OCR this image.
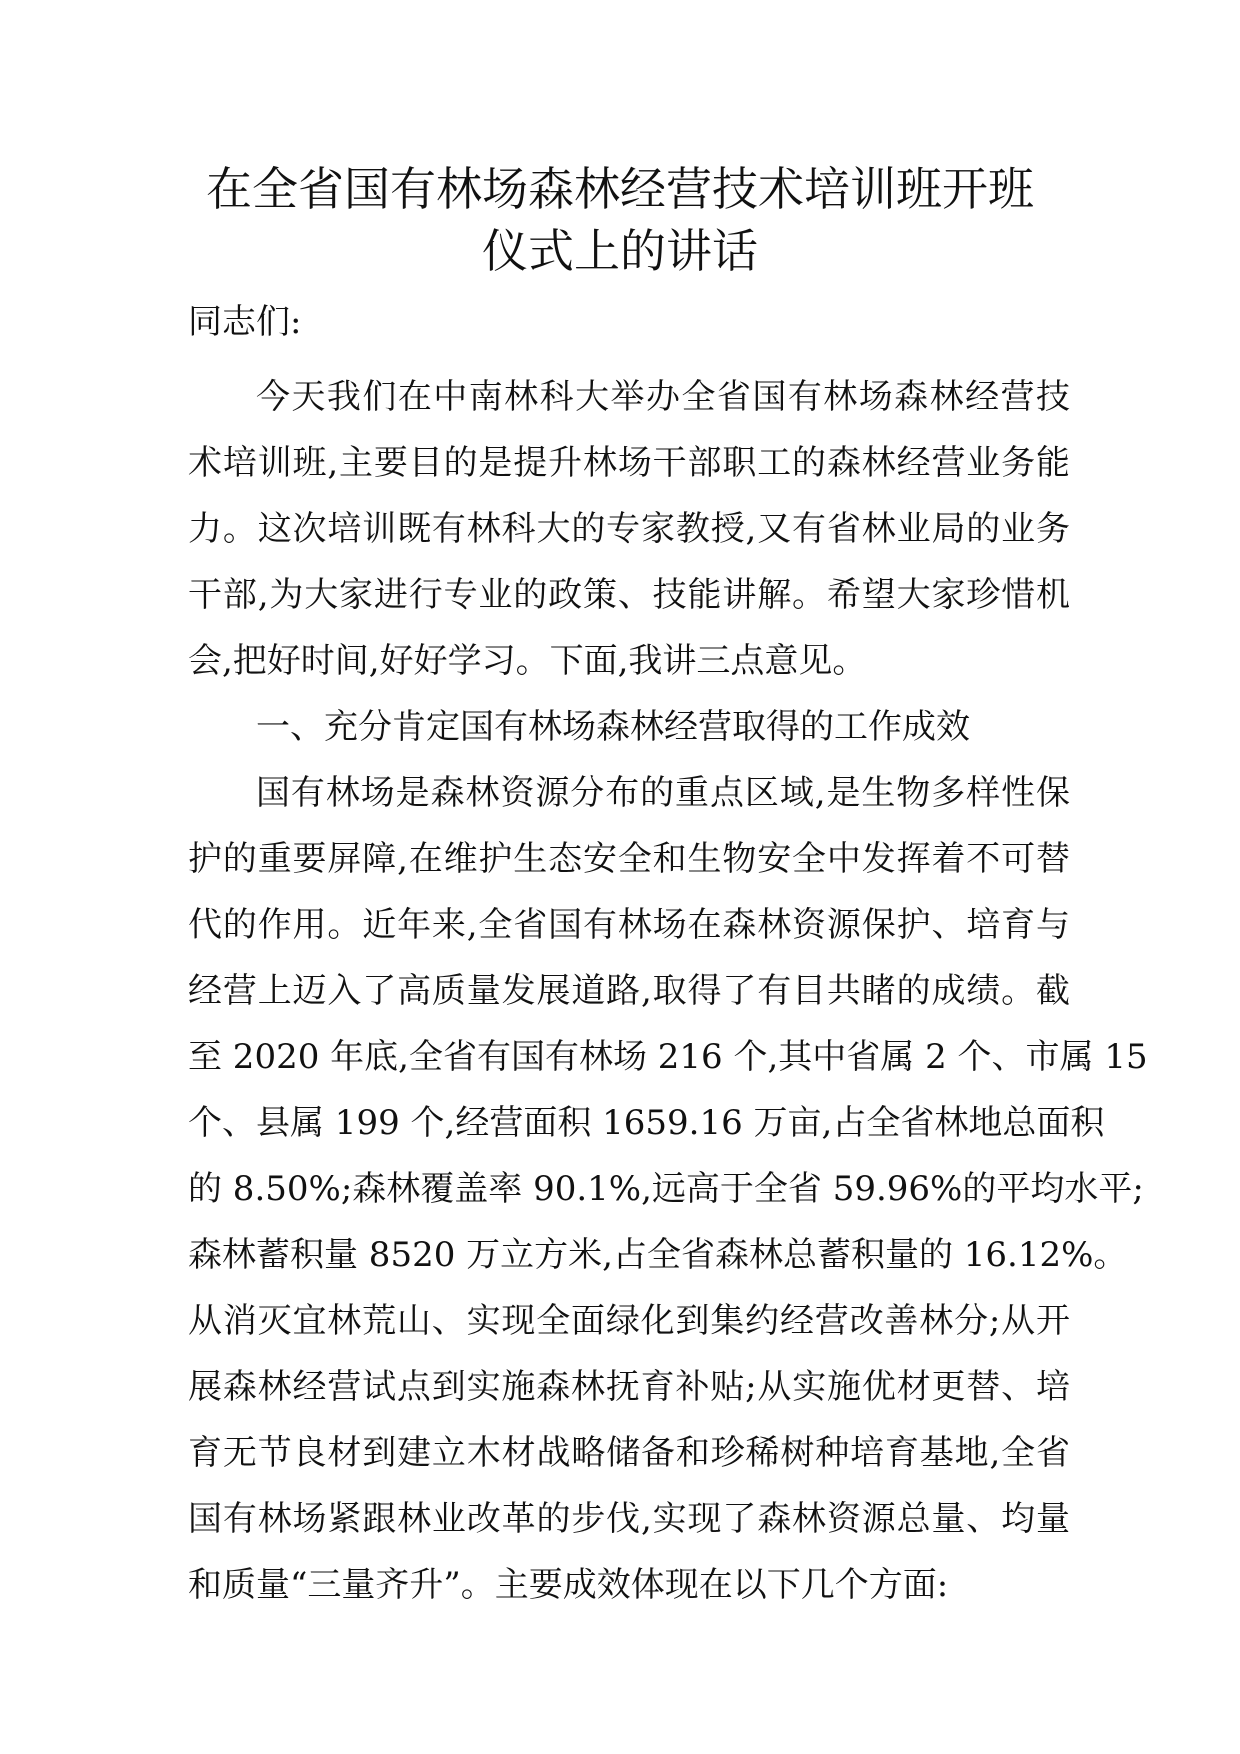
在全省国有林场森林经营技术培训班开班
仪式上的讲话

同志们:

今天我们在中南林科大举办全省国有林场森林经营技
术培训班,主要目的是提升林场干部职工的森林经营业务能
力。这次培训既有林科大的专家教授,又有省林业局的业务
干部,为大家进行专业的政策、技能讲解。希望大家珍惜机
会,把好时间,好好学习。下面,我讲三点意见。
一、充分肯定国有林场森林经营取得的工作成效
国有林场是森林资源分布的重点区域,是生物多样性保
护的重要屏障,在维护生态安全和生物安全中发挥着不可替
代的作用。近年来,全省国有林场在森林资源保护、培育与
经营上迈入了高质量发展道路,取得了有目共睹的成绩。截
至 2020 年底,全省有国有林场 216 个,其中省属 2 个、市属 15
个、县属 199 个,经营面积 1659.16 万亩,占全省林地总面积
的 8.50%;森林覆盖率 90.1%,远高于全省 59.96%的平均水平;
森林蓄积量 8520 万立方米,占全省森林总蓄积量的 16.12%。
从消灭宜林荒山、实现全面绿化到集约经营改善林分;从开
展森林经营试点到实施森林抚育补贴;从实施优材更替、培
育无节良材到建立木材战略储备和珍稀树种培育基地,全省
国有林场紧跟林业改革的步伐,实现了森林资源总量、均量
和质量“三量齐升”。主要成效体现在以下几个方面:
